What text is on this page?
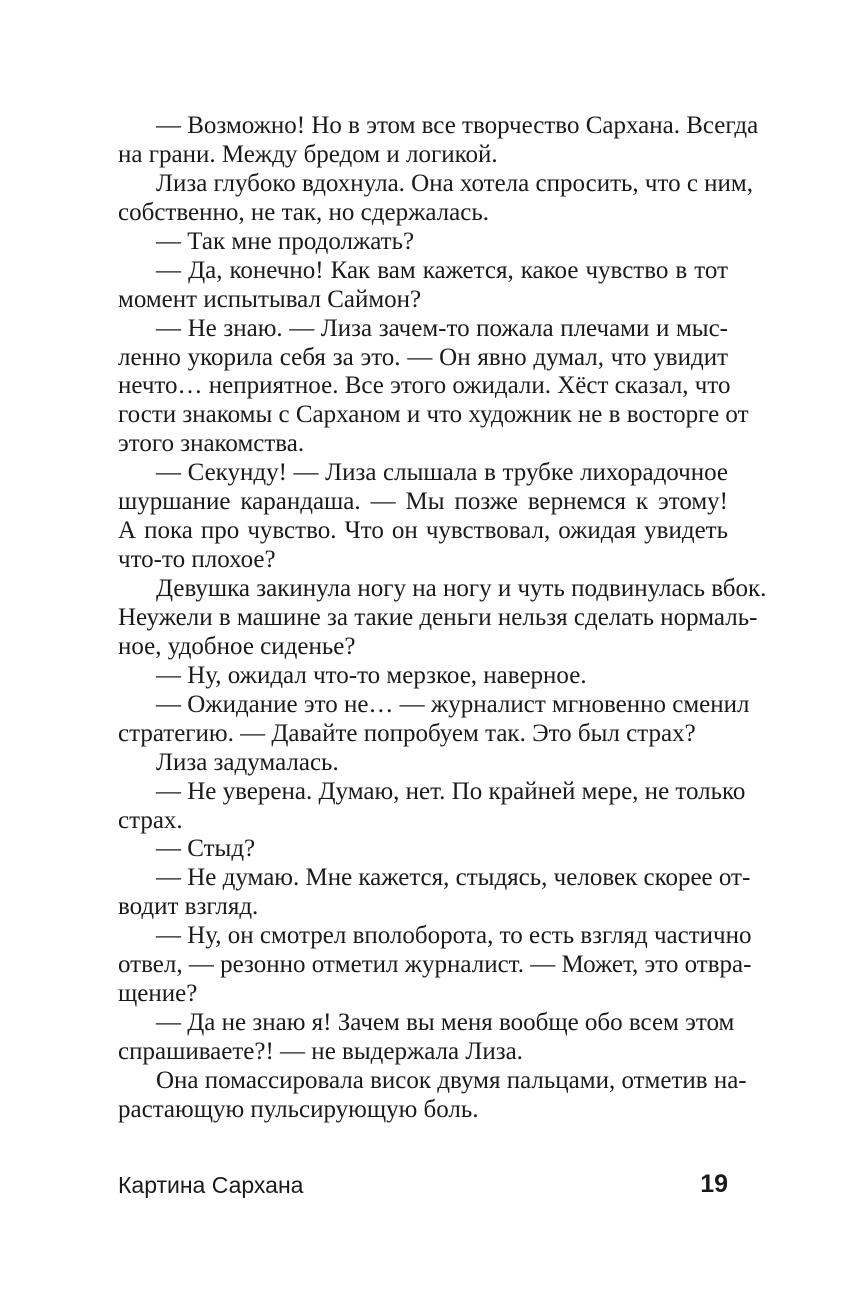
— Возможно! Но в этом все творчество Сархана. Всегда
на грани. Между бредом и логикой.
Лиза глубоко вдохнула. Она хотела спросить, что с ним,
собственно, не так, но сдержалась.
— Так мне продолжать?
— Да, конечно! Как вам кажется, какое чувство в тот
момент испытывал Саймон?
— Не знаю. — Лиза зачем-то пожала плечами и мыс-
ленно укорила себя за это. — Он явно думал, что увидит
нечто… неприятное. Все этого ожидали. Хёст сказал, что
гости знакомы с Сарханом и что художник не в восторге от
этого знакомства.
— Секунду! — Лиза слышала в трубке лихорадочное
шуршание карандаша. — Мы позже вернемся к этому!
А пока про чувство. Что он чувствовал, ожидая увидеть
что-то плохое?
Девушка закинула ногу на ногу и чуть подвинулась вбок.
Неужели в машине за такие деньги нельзя сделать нормаль-
ное, удобное сиденье?
— Ну, ожидал что-то мерзкое, наверное.
— Ожидание это не… — журналист мгновенно сменил
стратегию. — Давайте попробуем так. Это был страх?
Лиза задумалась.
— Не уверена. Думаю, нет. По крайней мере, не только
страх.
— Стыд?
— Не думаю. Мне кажется, стыдясь, человек скорее от-
водит взгляд.
— Ну, он смотрел вполоборота, то есть взгляд частично
отвел, — резонно отметил журналист. — Может, это отвра-
щение?
— Да не знаю я! Зачем вы меня вообще обо всем этом
спрашиваете?! — не выдержала Лиза.
Она помассировала висок двумя пальцами, отметив на-
растающую пульсирующую боль.
Картина Сархана	19
